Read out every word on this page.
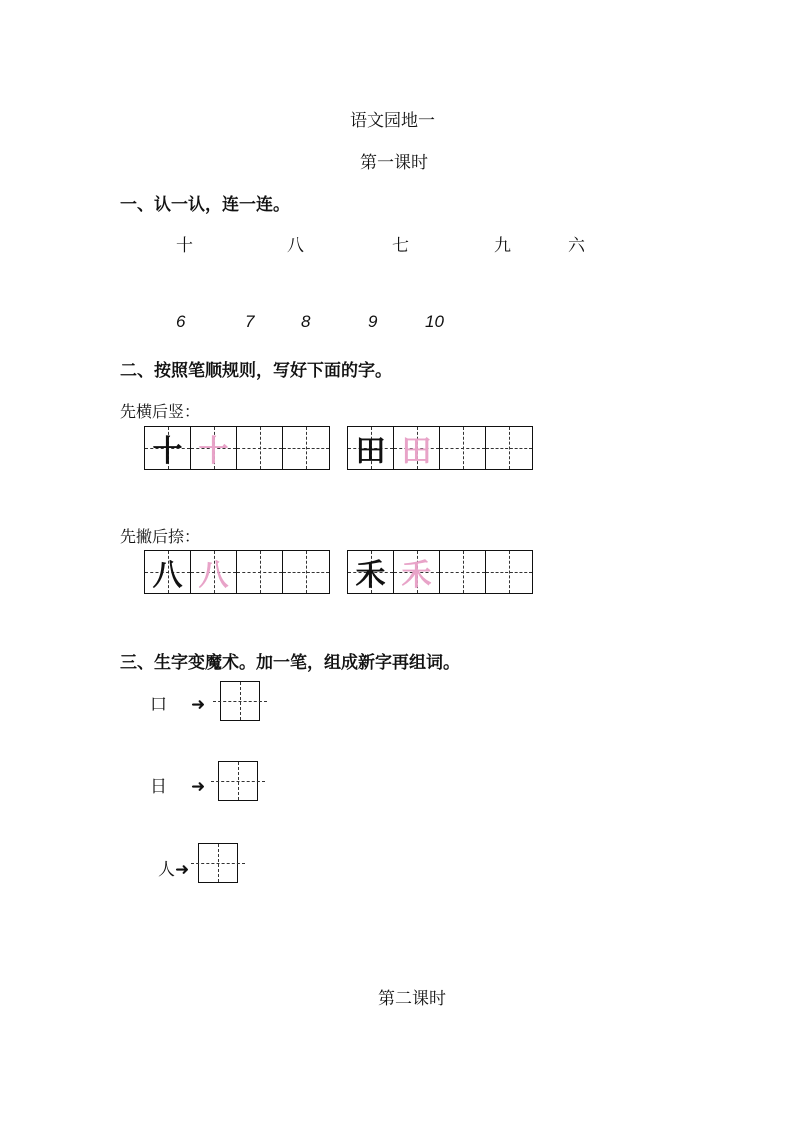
语文园地一
第一课时
一、认一认，连一连。
十	八	七	九	六
6	7	8	9	10
二、按照笔顺规则，写好下面的字。
先横后竖：
十 十	田 田
先撇后捺：
八 八	禾 禾
三、生字变魔术。加一笔，组成新字再组词。
口 ➜
日 ➜
人➜
第二课时
